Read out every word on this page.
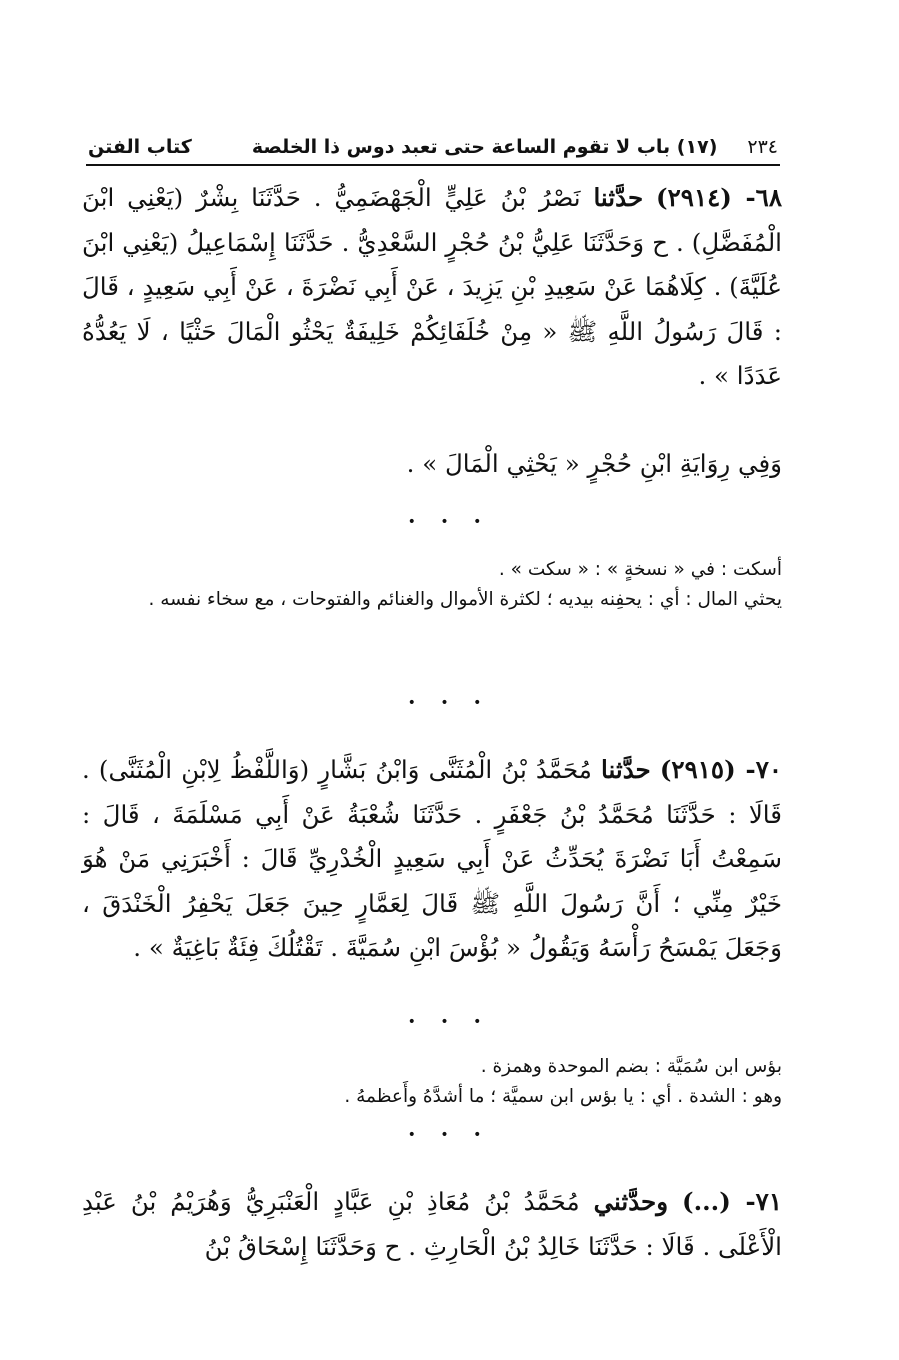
٢٣٤
(١٧) باب لا تقوم الساعة حتى تعبد دوس ذا الخلصة
كتاب الفتن
٦٨- (٢٩١٤) حدَّثنا نَصْرُ بْنُ عَلِيٍّ الْجَهْضَمِيُّ . حَدَّثَنَا بِشْرٌ (يَعْنِي ابْنَ الْمُفَضَّلِ) . ح وَحَدَّثَنَا عَلِيُّ بْنُ حُجْرٍ السَّعْدِيُّ . حَدَّثَنَا إِسْمَاعِيلُ (يَعْنِي ابْنَ عُلَيَّةَ) . كِلَاهُمَا عَنْ سَعِيدِ بْنِ يَزِيدَ ، عَنْ أَبِي نَضْرَةَ ، عَنْ أَبِي سَعِيدٍ ، قَالَ : قَالَ رَسُولُ اللَّهِ ﷺ « مِنْ خُلَفَائِكُمْ خَلِيفَةٌ يَحْثُو الْمَالَ حَثْيًا ، لَا يَعُدُّهُ عَدَدًا » .
وَفِي رِوَايَةِ ابْنِ حُجْرٍ « يَحْثِي الْمَالَ » .
• • •

أسكت : في « نسخةٍ » : « سكت » .

يحثي المال : أي : يحفِنه بيديه ؛ لكثرة الأموال والغنائم والفتوحات ، مع سخاء نفسه .

• • •
٧٠- (٢٩١٥) حدَّثنا مُحَمَّدُ بْنُ الْمُثَنَّى وَابْنُ بَشَّارٍ (وَاللَّفْظُ لِابْنِ الْمُثَنَّى) . قَالَا : حَدَّثَنَا مُحَمَّدُ بْنُ جَعْفَرٍ . حَدَّثَنَا شُعْبَةُ عَنْ أَبِي مَسْلَمَةَ ، قَالَ : سَمِعْتُ أَبَا نَضْرَةَ يُحَدِّثُ عَنْ أَبِي سَعِيدٍ الْخُدْرِيِّ قَالَ : أَخْبَرَنِي مَنْ هُوَ خَيْرٌ مِنِّي ؛ أَنَّ رَسُولَ اللَّهِ ﷺ قَالَ لِعَمَّارٍ حِينَ جَعَلَ يَحْفِرُ الْخَنْدَقَ ، وَجَعَلَ يَمْسَحُ رَأْسَهُ وَيَقُولُ « بُؤْسَ ابْنِ سُمَيَّةَ . تَقْتُلُكَ فِئَةٌ بَاغِيَةٌ » .
• • •

بؤس ابن سُمَيَّة : بضم الموحدة وهمزة .

وهو : الشدة . أي : يا بؤس ابن سميَّة ؛ ما أشدَّهُ وأَعظمهُ .

• • •
٧١- (...) وحدَّثني مُحَمَّدُ بْنُ مُعَاذِ بْنِ عَبَّادٍ الْعَنْبَرِيُّ وَهُرَيْمُ بْنُ عَبْدِ الْأَعْلَى . قَالَا : حَدَّثَنَا خَالِدُ بْنُ الْحَارِثِ . ح وَحَدَّثَنَا إِسْحَاقُ بْنُ
